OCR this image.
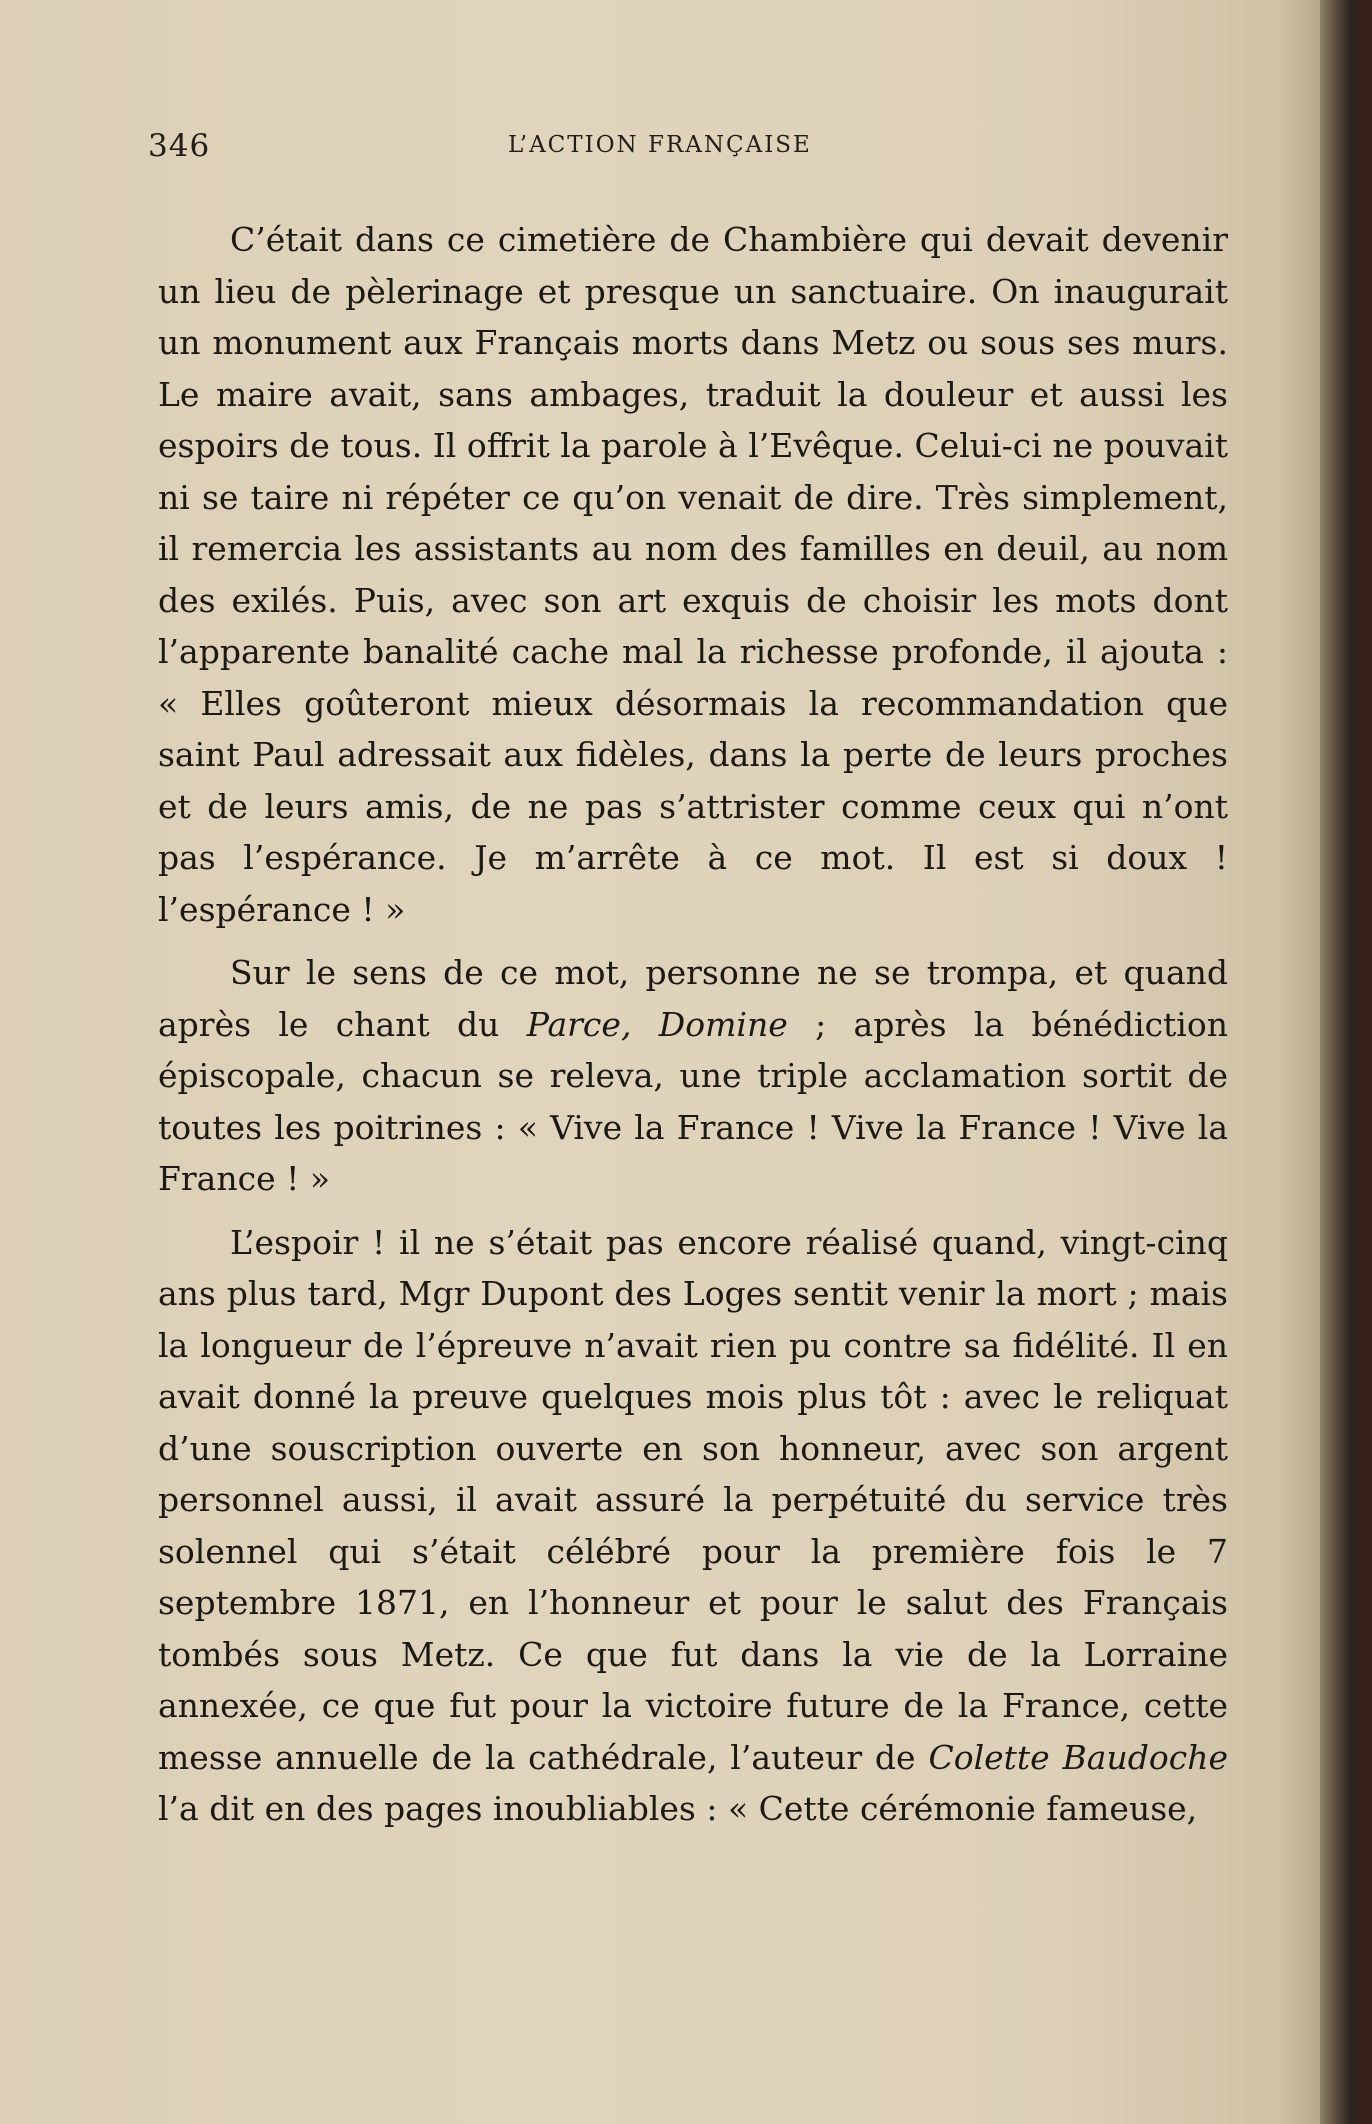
346	L’ACTION FRANÇAISE

C’était dans ce cimetière de Chambière qui devait devenir un lieu de pèlerinage et presque un sanctuaire. On inaugurait un monument aux Français morts dans Metz ou sous ses murs. Le maire avait, sans ambages, traduit la douleur et aussi les espoirs de tous. Il offrit la parole à l’Evêque. Celui-ci ne pouvait ni se taire ni répéter ce qu’on venait de dire. Très simplement, il remercia les assistants au nom des familles en deuil, au nom des exilés. Puis, avec son art exquis de choisir les mots dont l’apparente banalité cache mal la richesse profonde, il ajouta : « Elles goûteront mieux désormais la recommandation que saint Paul adressait aux fidèles, dans la perte de leurs proches et de leurs amis, de ne pas s’attrister comme ceux qui n’ont pas l’espérance. Je m’arrête à ce mot. Il est si doux ! l’espérance ! »

Sur le sens de ce mot, personne ne se trompa, et quand après le chant du Parce, Domine ; après la bénédiction épiscopale, chacun se releva, une triple acclamation sortit de toutes les poitrines : « Vive la France ! Vive la France ! Vive la France ! »

L’espoir ! il ne s’était pas encore réalisé quand, vingt-cinq ans plus tard, Mgr Dupont des Loges sentit venir la mort ; mais la longueur de l’épreuve n’avait rien pu contre sa fidélité. Il en avait donné la preuve quelques mois plus tôt : avec le reliquat d’une souscription ouverte en son honneur, avec son argent personnel aussi, il avait assuré la perpétuité du service très solennel qui s’était célébré pour la première fois le 7 septembre 1871, en l’honneur et pour le salut des Français tombés sous Metz. Ce que fut dans la vie de la Lorraine annexée, ce que fut pour la victoire future de la France, cette messe annuelle de la cathédrale, l’auteur de Colette Baudoche l’a dit en des pages inoubliables : « Cette cérémonie fameuse,
